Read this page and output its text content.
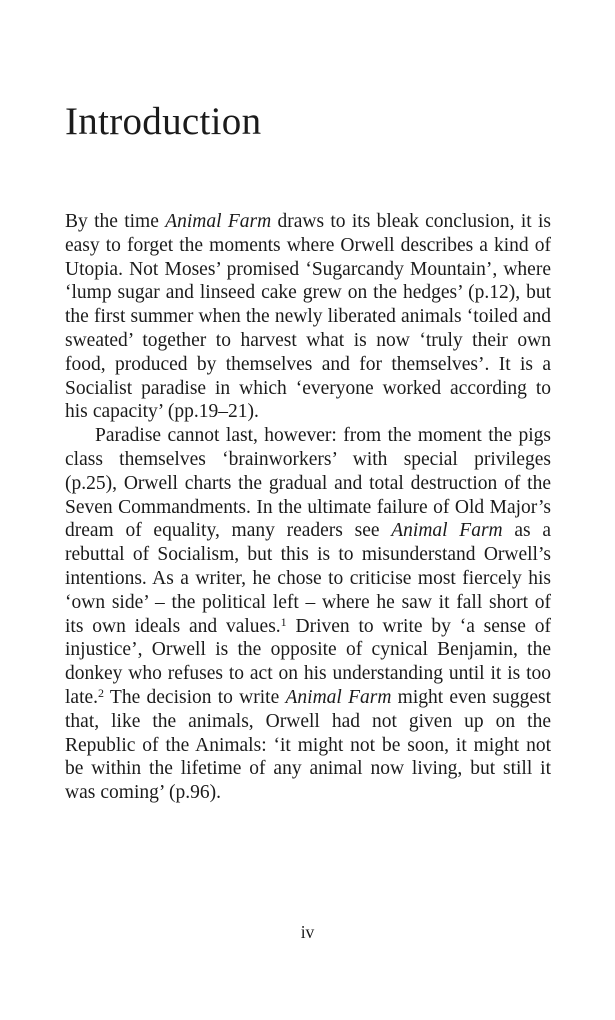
Introduction

By the time Animal Farm draws to its bleak conclusion, it is easy to forget the moments where Orwell describes a kind of Utopia. Not Moses’ promised ‘Sugarcandy Mountain’, where ‘lump sugar and linseed cake grew on the hedges’ (p.12), but the first summer when the newly liberated animals ‘toiled and sweated’ together to harvest what is now ‘truly their own food, produced by themselves and for themselves’. It is a Socialist paradise in which ‘everyone worked according to his capacity’ (pp.19–21).

Paradise cannot last, however: from the moment the pigs class themselves ‘brainworkers’ with special privileges (p.25), Orwell charts the gradual and total destruction of the Seven Commandments. In the ultimate failure of Old Major’s dream of equality, many readers see Animal Farm as a rebuttal of Socialism, but this is to misunderstand Orwell’s intentions. As a writer, he chose to criticise most fiercely his ‘own side’ – the political left – where he saw it fall short of its own ideals and values.$^1$ Driven to write by ‘a sense of injustice’, Orwell is the opposite of cynical Benjamin, the donkey who refuses to act on his understanding until it is too late.$^2$ The decision to write Animal Farm might even suggest that, like the animals, Orwell had not given up on the Republic of the Animals: ‘it might not be soon, it might not be within the lifetime of any animal now living, but still it was coming’ (p.96).

iv
